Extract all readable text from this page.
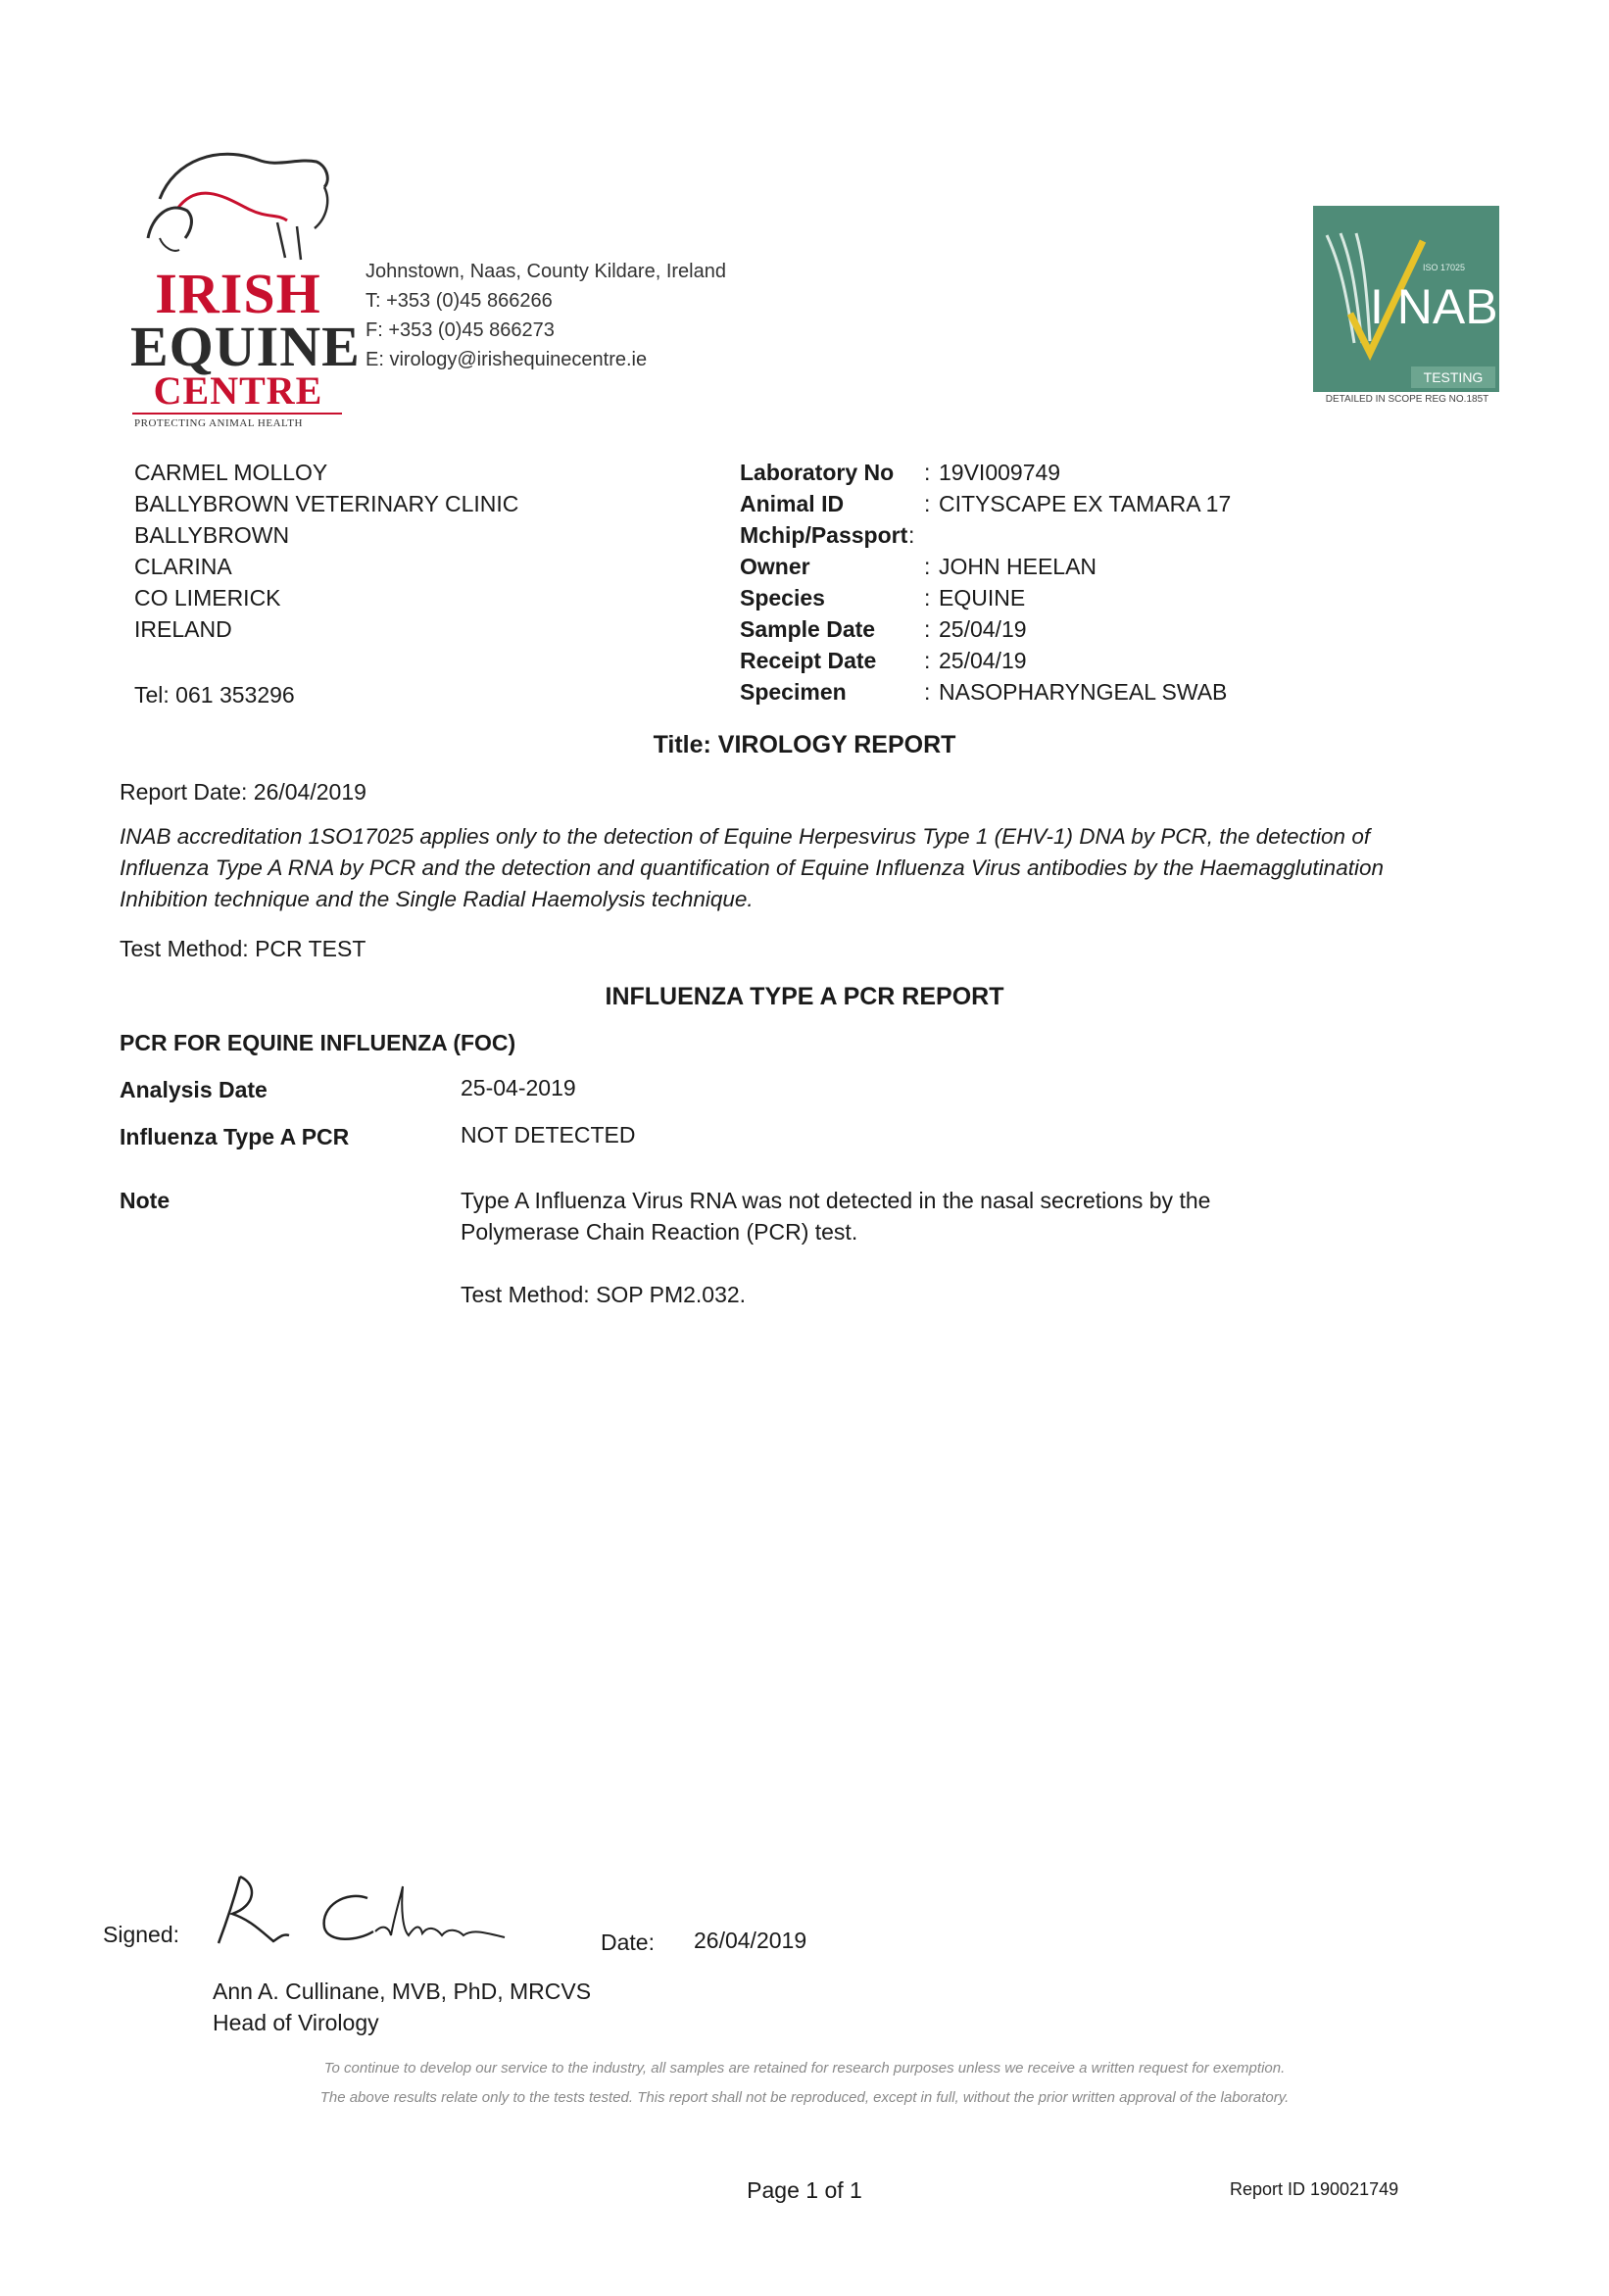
IRISH
EQUINE
CENTRE
PROTECTING ANIMAL HEALTH
Johnstown, Naas, County Kildare, Ireland
T: +353 (0)45 866266
F: +353 (0)45 866273
E: virology@irishequinecentre.ie
ISO 17025
I NAB
TESTING
DETAILED IN SCOPE REG NO.185T
CARMEL MOLLOY
BALLYBROWN VETERINARY CLINIC
BALLYBROWN
CLARINA
CO LIMERICK
IRELAND
Tel: 061 353296
Laboratory No : 19VI009749
Animal ID	: CITYSCAPE EX TAMARA 17
Mchip/Passport :
Owner	: JOHN HEELAN
Species	: EQUINE
Sample Date : 25/04/19
Receipt Date : 25/04/19
Specimen	: NASOPHARYNGEAL SWAB
Title: VIROLOGY REPORT
Report Date: 26/04/2019
INAB accreditation 1SO17025 applies only to the detection of Equine Herpesvirus Type 1 (EHV-1) DNA by PCR, the detection of Influenza Type A RNA by PCR and the detection and quantification of Equine Influenza Virus antibodies by the Haemagglutination Inhibition technique and the Single Radial Haemolysis technique.
Test Method: PCR TEST
INFLUENZA TYPE A PCR REPORT
PCR FOR EQUINE INFLUENZA (FOC)
Analysis Date	25-04-2019
Influenza Type A PCR	NOT DETECTED
Note	Type A Influenza Virus RNA was not detected in the nasal secretions by the
Polymerase Chain Reaction (PCR) test.
Test Method: SOP PM2.032.
Signed:	Date: 26/04/2019
Ann A. Cullinane, MVB, PhD, MRCVS
Head of Virology
To continue to develop our service to the industry, all samples are retained for research purposes unless we receive a written request for exemption.
The above results relate only to the tests tested. This report shall not be reproduced, except in full, without the prior written approval of the laboratory.
Page 1 of 1	Report ID 190021749
